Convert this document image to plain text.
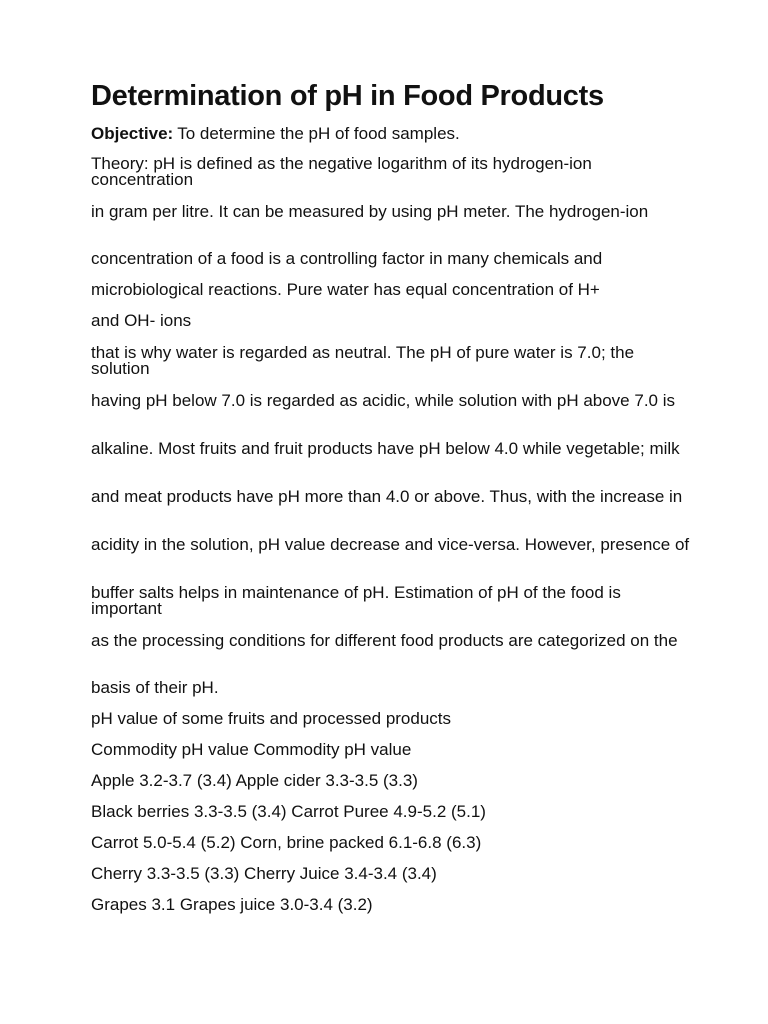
Determination of pH in Food Products
Objective: To determine the pH of food samples.
Theory: pH is defined as the negative logarithm of its hydrogen-ion concentration
in gram per litre. It can be measured by using pH meter. The hydrogen-ion
concentration of a food is a controlling factor in many chemicals and
microbiological reactions. Pure water has equal concentration of H+
and OH- ions
that is why water is regarded as neutral. The pH of pure water is 7.0; the solution
having pH below 7.0 is regarded as acidic, while solution with pH above 7.0 is
alkaline. Most fruits and fruit products have pH below 4.0 while vegetable; milk
and meat products have pH more than 4.0 or above. Thus, with the increase in
acidity in the solution, pH value decrease and vice-versa. However, presence of
buffer salts helps in maintenance of pH. Estimation of pH of the food is important
as the processing conditions for different food products are categorized on the
basis of their pH.
pH value of some fruits and processed products
Commodity pH value Commodity pH value
Apple 3.2-3.7 (3.4) Apple cider 3.3-3.5 (3.3)
Black berries 3.3-3.5 (3.4) Carrot Puree 4.9-5.2 (5.1)
Carrot 5.0-5.4 (5.2) Corn, brine packed 6.1-6.8 (6.3)
Cherry 3.3-3.5 (3.3) Cherry Juice 3.4-3.4 (3.4)
Grapes 3.1 Grapes juice 3.0-3.4 (3.2)
